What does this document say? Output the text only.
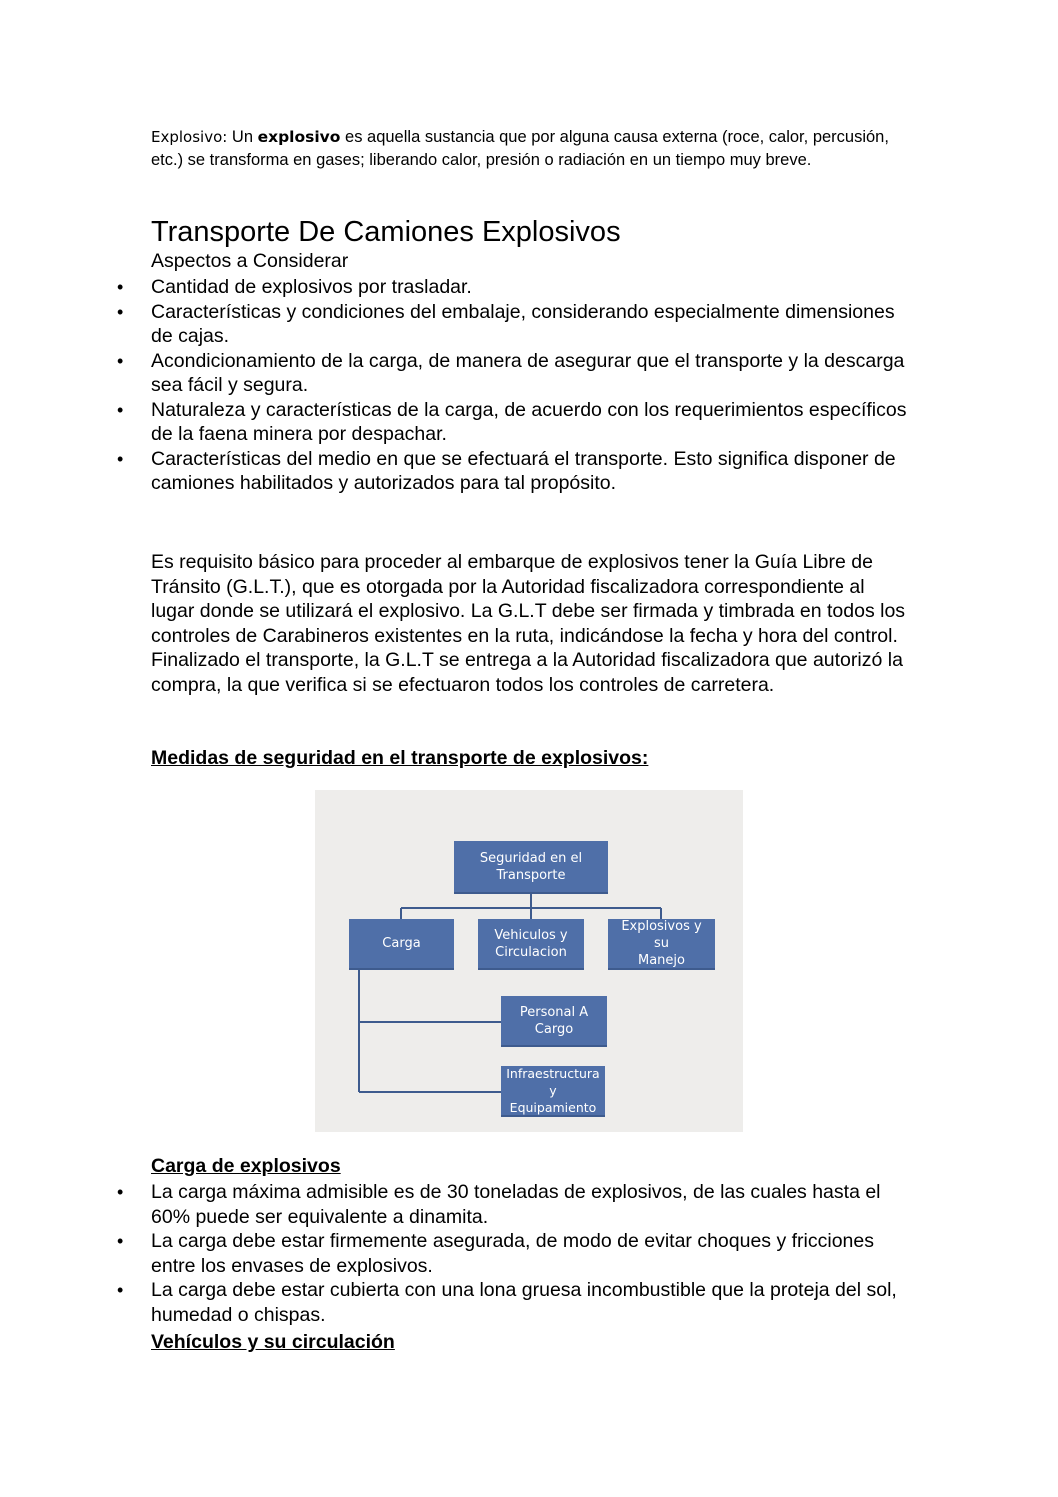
Explosivo: Un explosivo es aquella sustancia que por alguna causa externa (roce, calor, percusión, etc.) se transforma en gases; liberando calor, presión o radiación en un tiempo muy breve.
Transporte De Camiones Explosivos
Aspectos a Considerar
• Cantidad de explosivos por trasladar.
• Características y condiciones del embalaje, considerando especialmente dimensiones de cajas.
• Acondicionamiento de la carga, de manera de asegurar que el transporte y la descarga sea fácil y segura.
• Naturaleza y características de la carga, de acuerdo con los requerimientos específicos de la faena minera por despachar.
• Características del medio en que se efectuará el transporte. Esto significa disponer de camiones habilitados y autorizados para tal propósito.
Es requisito básico para proceder al embarque de explosivos tener la Guía Libre de Tránsito (G.L.T.), que es otorgada por la Autoridad fiscalizadora correspondiente al lugar donde se utilizará el explosivo. La G.L.T debe ser firmada y timbrada en todos los controles de Carabineros existentes en la ruta, indicándose la fecha y hora del control.
Finalizado el transporte, la G.L.T se entrega a la Autoridad fiscalizadora que autorizó la compra, la que verifica si se efectuaron todos los controles de carretera.
Medidas de seguridad en el transporte de explosivos:
Seguridad en el
Transporte
Carga
Vehiculos y
Circulacion
Explosivos y su
Manejo
Personal A
Cargo
Infraestructura
y Equipamiento
Carga de explosivos
• La carga máxima admisible es de 30 toneladas de explosivos, de las cuales hasta el 60% puede ser equivalente a dinamita.
• La carga debe estar firmemente asegurada, de modo de evitar choques y fricciones entre los envases de explosivos.
• La carga debe estar cubierta con una lona gruesa incombustible que la proteja del sol, humedad o chispas.
Vehículos y su circulación
